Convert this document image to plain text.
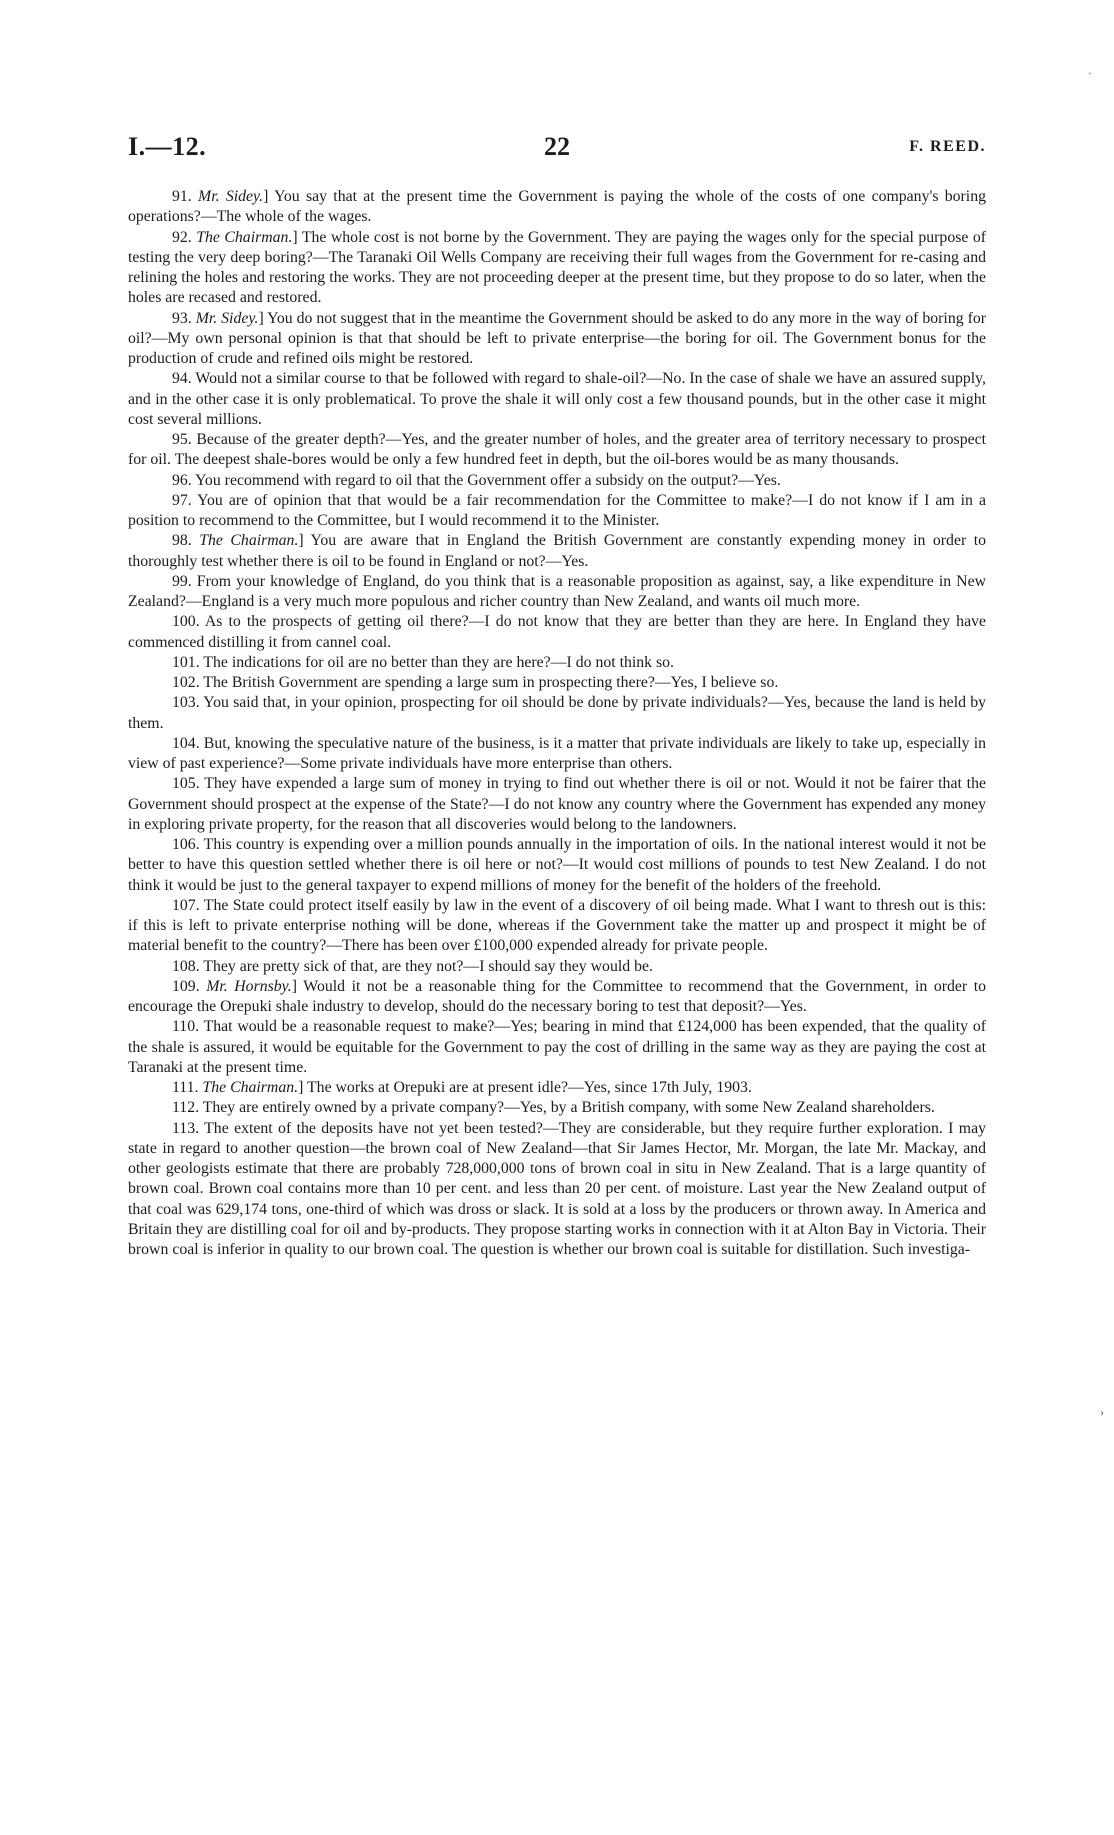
I.—12.	22	F. REED.

91. Mr. Sidey.] You say that at the present time the Government is paying the whole of the costs of one company's boring operations?—The whole of the wages.

92. The Chairman.] The whole cost is not borne by the Government. They are paying the wages only for the special purpose of testing the very deep boring?—The Taranaki Oil Wells Company are receiving their full wages from the Government for re-casing and relining the holes and restoring the works. They are not proceeding deeper at the present time, but they propose to do so later, when the holes are recased and restored.

93. Mr. Sidey.] You do not suggest that in the meantime the Government should be asked to do any more in the way of boring for oil?—My own personal opinion is that that should be left to private enterprise—the boring for oil. The Government bonus for the production of crude and refined oils might be restored.

94. Would not a similar course to that be followed with regard to shale-oil?—No. In the case of shale we have an assured supply, and in the other case it is only problematical. To prove the shale it will only cost a few thousand pounds, but in the other case it might cost several millions.

95. Because of the greater depth?—Yes, and the greater number of holes, and the greater area of territory necessary to prospect for oil. The deepest shale-bores would be only a few hundred feet in depth, but the oil-bores would be as many thousands.

96. You recommend with regard to oil that the Government offer a subsidy on the output?—Yes.

97. You are of opinion that that would be a fair recommendation for the Committee to make?—I do not know if I am in a position to recommend to the Committee, but I would recommend it to the Minister.

98. The Chairman.] You are aware that in England the British Government are constantly expending money in order to thoroughly test whether there is oil to be found in England or not?—Yes.

99. From your knowledge of England, do you think that is a reasonable proposition as against, say, a like expenditure in New Zealand?—England is a very much more populous and richer country than New Zealand, and wants oil much more.

100. As to the prospects of getting oil there?—I do not know that they are better than they are here. In England they have commenced distilling it from cannel coal.

101. The indications for oil are no better than they are here?—I do not think so.

102. The British Government are spending a large sum in prospecting there?—Yes, I believe so.

103. You said that, in your opinion, prospecting for oil should be done by private individuals?—Yes, because the land is held by them.

104. But, knowing the speculative nature of the business, is it a matter that private individuals are likely to take up, especially in view of past experience?—Some private individuals have more enterprise than others.

105. They have expended a large sum of money in trying to find out whether there is oil or not. Would it not be fairer that the Government should prospect at the expense of the State?—I do not know any country where the Government has expended any money in exploring private property, for the reason that all discoveries would belong to the landowners.

106. This country is expending over a million pounds annually in the importation of oils. In the national interest would it not be better to have this question settled whether there is oil here or not?—It would cost millions of pounds to test New Zealand. I do not think it would be just to the general taxpayer to expend millions of money for the benefit of the holders of the freehold.

107. The State could protect itself easily by law in the event of a discovery of oil being made. What I want to thresh out is this: if this is left to private enterprise nothing will be done, whereas if the Government take the matter up and prospect it might be of material benefit to the country?—There has been over £100,000 expended already for private people.

108. They are pretty sick of that, are they not?—I should say they would be.

109. Mr. Hornsby.] Would it not be a reasonable thing for the Committee to recommend that the Government, in order to encourage the Orepuki shale industry to develop, should do the necessary boring to test that deposit?—Yes.

110. That would be a reasonable request to make?—Yes; bearing in mind that £124,000 has been expended, that the quality of the shale is assured, it would be equitable for the Government to pay the cost of drilling in the same way as they are paying the cost at Taranaki at the present time.

111. The Chairman.] The works at Orepuki are at present idle?—Yes, since 17th July, 1903.

112. They are entirely owned by a private company?—Yes, by a British company, with some New Zealand shareholders.

113. The extent of the deposits have not yet been tested?—They are considerable, but they require further exploration. I may state in regard to another question—the brown coal of New Zealand—that Sir James Hector, Mr. Morgan, the late Mr. Mackay, and other geologists estimate that there are probably 728,000,000 tons of brown coal in situ in New Zealand. That is a large quantity of brown coal. Brown coal contains more than 10 per cent. and less than 20 per cent. of moisture. Last year the New Zealand output of that coal was 629,174 tons, one-third of which was dross or slack. It is sold at a loss by the producers or thrown away. In America and Britain they are distilling coal for oil and by-products. They propose starting works in connection with it at Alton Bay in Victoria. Their brown coal is inferior in quality to our brown coal. The question is whether our brown coal is suitable for distillation. Such investiga-

ˋ
›
